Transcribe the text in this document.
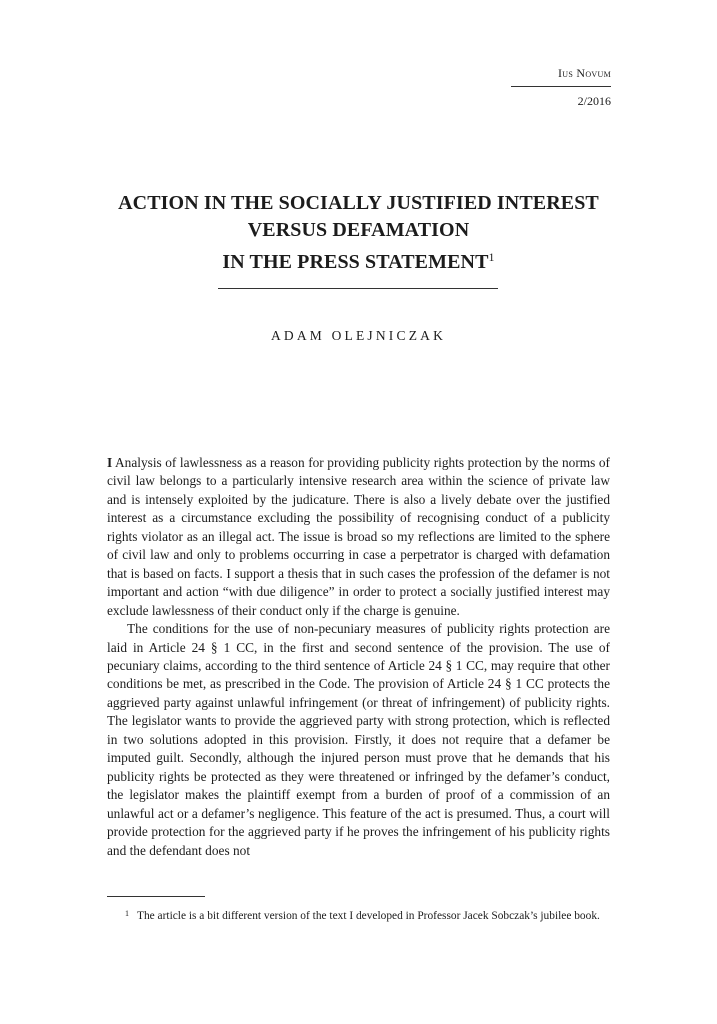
Ius Novum
2/2016
ACTION IN THE SOCIALLY JUSTIFIED INTEREST
VERSUS DEFAMATION
IN THE PRESS STATEMENT$^1$
ADAM OLEJNICZAK

I Analysis of lawlessness as a reason for providing publicity rights protection by the norms of civil law belongs to a particularly intensive research area within the science of private law and is intensely exploited by the judicature. There is also a lively debate over the justified interest as a circumstance excluding the possibility of recognising conduct of a publicity rights violator as an illegal act. The issue is broad so my reflections are limited to the sphere of civil law and only to problems occurring in case a perpetrator is charged with defamation that is based on facts. I support a thesis that in such cases the profession of the defamer is not important and action “with due diligence” in order to protect a socially justified interest may exclude lawlessness of their conduct only if the charge is genuine.

The conditions for the use of non-pecuniary measures of publicity rights protection are laid in Article 24 § 1 CC, in the first and second sentence of the provision. The use of pecuniary claims, according to the third sentence of Article 24 § 1 CC, may require that other conditions be met, as prescribed in the Code. The provision of Article 24 § 1 CC protects the aggrieved party against unlawful infringement (or threat of infringement) of publicity rights. The legislator wants to provide the aggrieved party with strong protection, which is reflected in two solutions adopted in this provision. Firstly, it does not require that a defamer be imputed guilt. Secondly, although the injured person must prove that he demands that his publicity rights be protected as they were threatened or infringed by the defamer’s conduct, the legislator makes the plaintiff exempt from a burden of proof of a commission of an unlawful act or a defamer’s negligence. This feature of the act is presumed. Thus, a court will provide protection for the aggrieved party if he proves the infringement of his publicity rights and the defendant does not

$^1$ The article is a bit different version of the text I developed in Professor Jacek Sobczak’s jubilee book.
